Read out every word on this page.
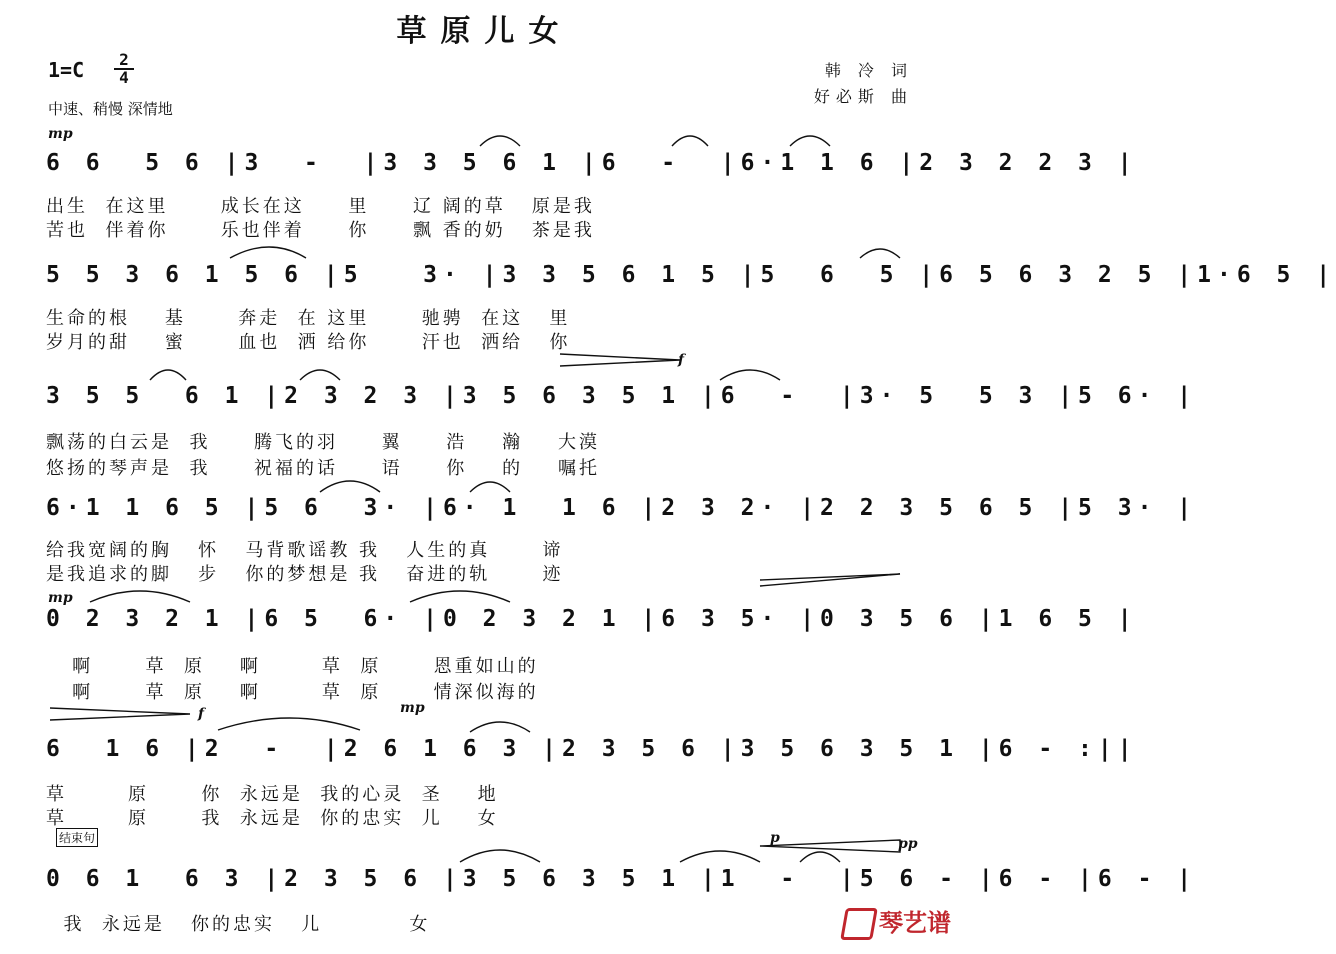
草原儿女
1=C	2
4
中速、稍慢 深情地
韩 冷 词
好必斯 曲
mp
mp
mp
f
f
p	pp
6 6  5 6 |3  -  |3 3 5 6 1 |6  -  |6·1 1 6 |2 3 2 2 3 |
出生  在这里      成长在这     里     辽 阔的草   原是我
苦也  伴着你      乐也伴着     你     飘 香的奶   茶是我
5 5 3 6 1 5 6 |5   3· |3 3 5 6 1 5 |5  6  5 |6 5 6 3 2 5 |1·6 5 |
生命的根    基      奔走  在 这里      驰骋  在这   里
岁月的甜    蜜      血也  洒 给你      汗也  洒给   你
3 5 5  6 1 |2 3 2 3 |3 5 6 3 5 1 |6  -  |3· 5  5 3 |5 6· |
飘荡的白云是  我     腾飞的羽     翼     浩    瀚    大漠
悠扬的琴声是  我     祝福的话     语     你    的    嘱托
6·1 1 6 5 |5 6  3· |6· 1  1 6 |2 3 2· |2 2 3 5 6 5 |5 3· |
给我宽阔的胸   怀   马背歌谣教 我   人生的真      谛
是我追求的脚   步   你的梦想是 我   奋进的轨      迹
0 2 3 2 1 |6 5  6· |0 2 3 2 1 |6 3 5· |0 3 5 6 |1 6 5 |
啊      草  原    啊       草  原      恩重如山的
啊      草  原    啊       草  原      情深似海的
6  1 6 |2  -  |2 6 1 6 3 |2 3 5 6 |3 5 6 3 5 1 |6 - :||
草       原      你  永远是  我的心灵  圣    地
草       原      我  永远是  你的忠实  儿    女
结束句
0 6 1  6 3 |2 3 5 6 |3 5 6 3 5 1 |1  -  |5 6 - |6 - |6 - |
我  永远是   你的忠实   儿          女	琴艺谱
